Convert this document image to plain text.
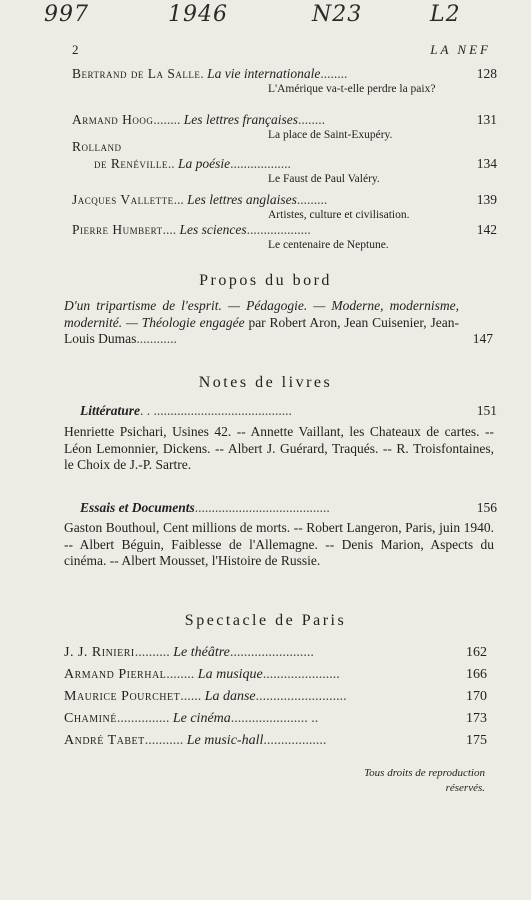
997	1946	N23	L2
2	LA NEF
Bertrand de La Salle. La vie internationale........	128
L'Amérique va-t-elle perdre la paix?
Armand Hoog........ Les lettres françaises........	131
La place de Saint-Exupéry.
Rolland
de Renéville.. La poésie..................	134
Le Faust de Paul Valéry.
Jacques Vallette... Les lettres anglaises.........	139
Artistes, culture et civilisation.
Pierre Humbert.... Les sciences...................	142
Le centenaire de Neptune.
Propos du bord
D'un tripartisme de l'esprit. — Pédagogie. — Moderne, modernisme, modernité. — Théologie engagée par Robert Aron, Jean Cuisenier, Jean-Louis Dumas............	147
Notes de livres
Littérature. . .........................................	151
Henriette Psichari, Usines 42. -- Annette Vaillant, les Chateaux de cartes. -- Léon Lemonnier, Dickens. -- Albert J. Guérard, Traqués. -- R. Troisfontaines, le Choix de J.-P. Sartre.
Essais et Documents........................................	156
Gaston Bouthoul, Cent millions de morts. -- Robert Langeron, Paris, juin 1940. -- Albert Béguin, Faiblesse de l'Allemagne. -- Denis Marion, Aspects du cinéma. -- Albert Mousset, l'Histoire de Russie.
Spectacle de Paris
J. J. Rinieri.......... Le théâtre........................	162
Armand Pierhal........ La musique......................	166
Maurice Pourchet...... La danse..........................	170
Chaminé............... Le cinéma...................... ..	173
André Tabet........... Le music-hall..................	175
Tous droits de reproduction
réservés.
